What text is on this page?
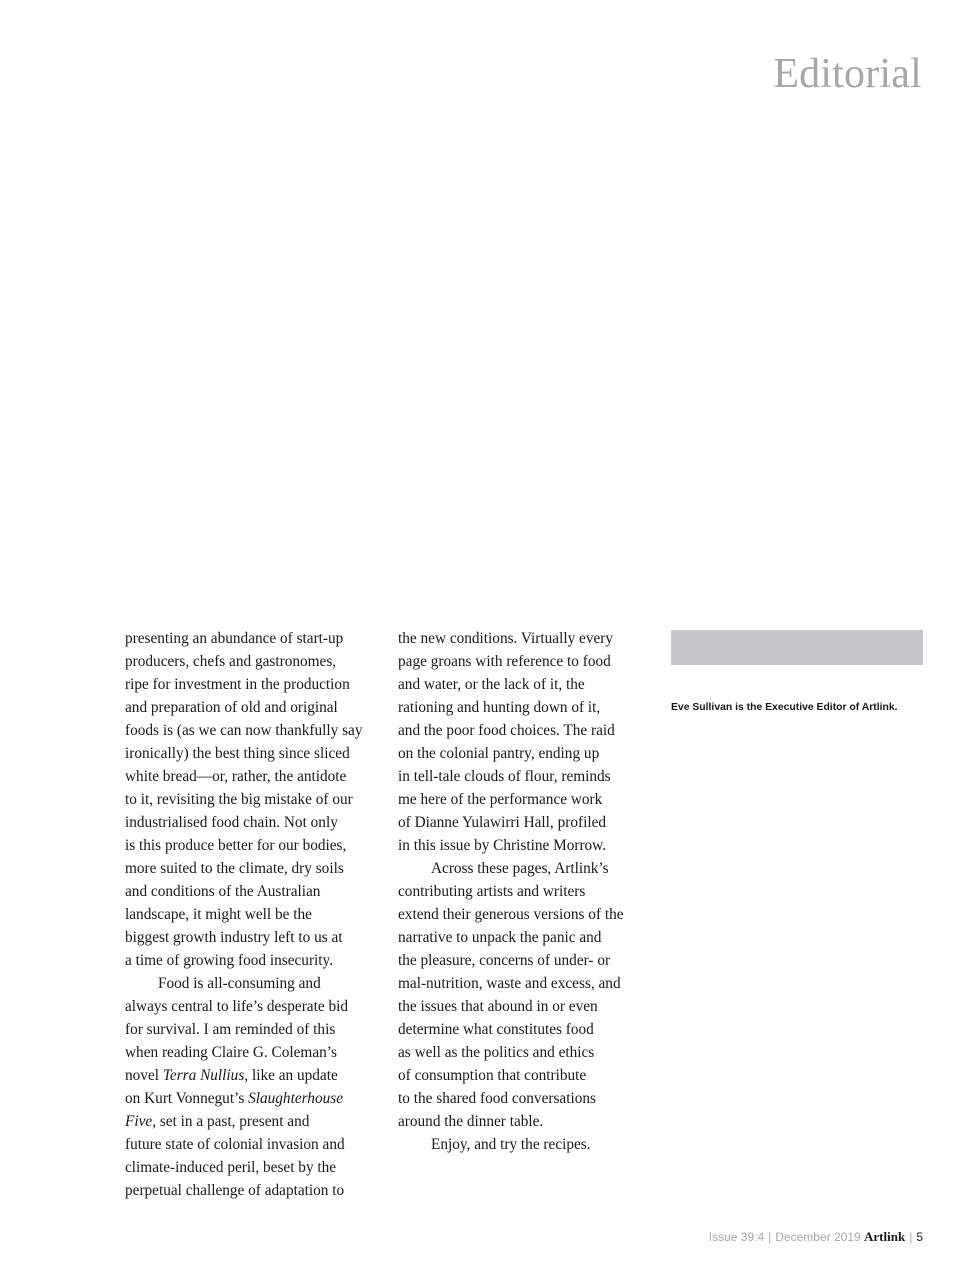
Editorial
presenting an abundance of start-up
producers, chefs and gastronomes,
ripe for investment in the production
and preparation of old and original
foods is (as we can now thankfully say
ironically) the best thing since sliced
white bread—or, rather, the antidote
to it, revisiting the big mistake of our
industrialised food chain. Not only
is this produce better for our bodies,
more suited to the climate, dry soils
and conditions of the Australian
landscape, it might well be the
biggest growth industry left to us at
a time of growing food insecurity.
Food is all-consuming and
always central to life’s desperate bid
for survival. I am reminded of this
when reading Claire G. Coleman’s
novel Terra Nullius, like an update
on Kurt Vonnegut’s Slaughterhouse
Five, set in a past, present and
future state of colonial invasion and
climate-induced peril, beset by the
perpetual challenge of adaptation to
the new conditions. Virtually every
page groans with reference to food
and water, or the lack of it, the
rationing and hunting down of it,
and the poor food choices. The raid
on the colonial pantry, ending up
in tell-tale clouds of flour, reminds
me here of the performance work
of Dianne Yulawirri Hall, profiled
in this issue by Christine Morrow.
Across these pages, Artlink’s
contributing artists and writers
extend their generous versions of the
narrative to unpack the panic and
the pleasure, concerns of under- or
mal-nutrition, waste and excess, and
the issues that abound in or even
determine what constitutes food
as well as the politics and ethics
of consumption that contribute
to the shared food conversations
around the dinner table.
Enjoy, and try the recipes.
Eve Sullivan is the Executive Editor of Artlink.
Issue 39:4 | December 2019 Artlink | 5
